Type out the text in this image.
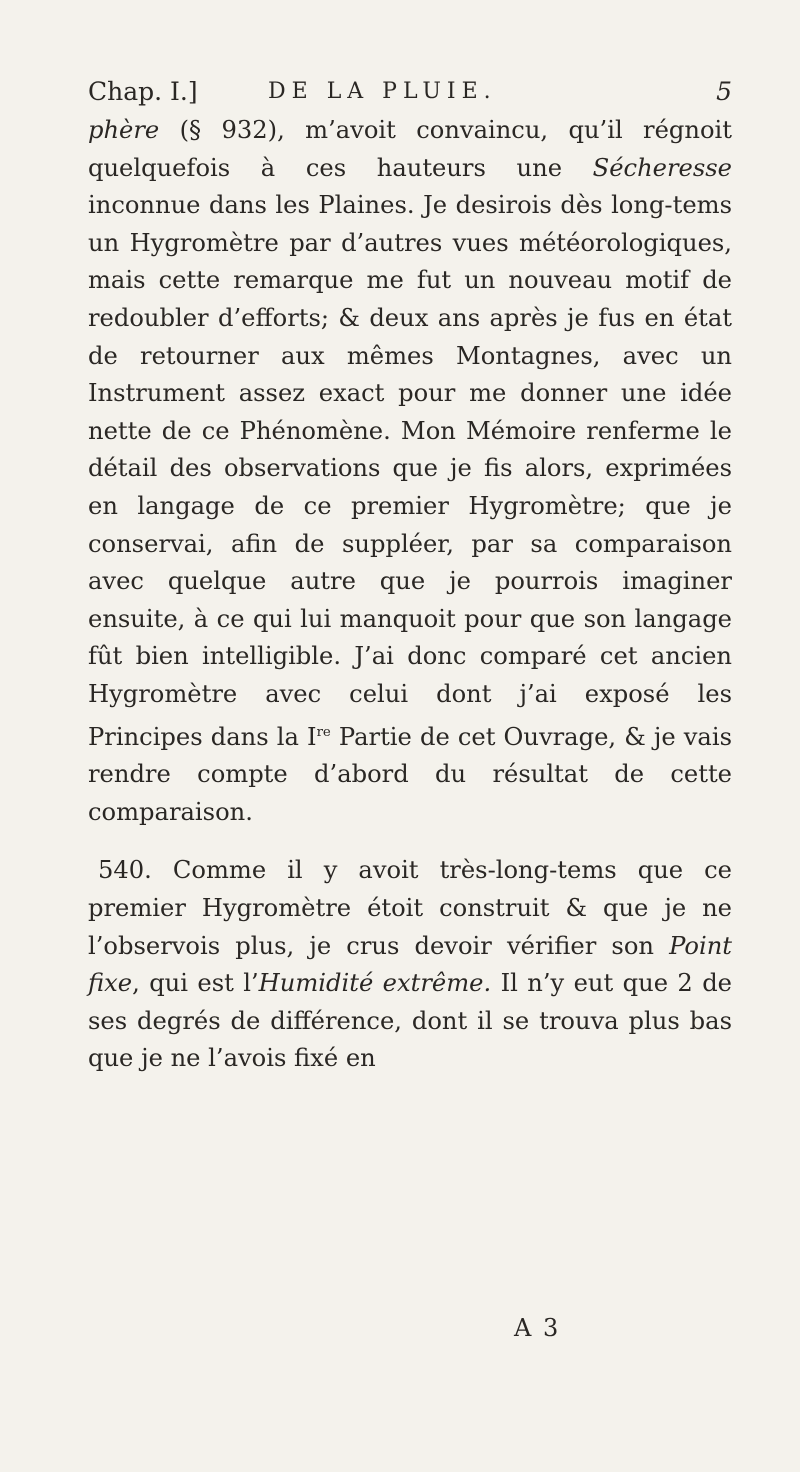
Chap. I.]	DE LA PLUIE.	5

phère (§ 932), m’avoit convaincu, qu’il régnoit quelquefois à ces hauteurs une Sécheresse inconnue dans les Plaines. Je desirois dès long-tems un Hygromètre par d’autres vues météorologiques, mais cette remarque me fut un nouveau motif de redoubler d’efforts; & deux ans après je fus en état de retourner aux mêmes Montagnes, avec un Instrument assez exact pour me donner une idée nette de ce Phénomène. Mon Mémoire renferme le détail des observations que je fis alors, exprimées en langage de ce premier Hygromètre; que je conservai, afin de suppléer, par sa comparaison avec quelque autre que je pourrois imaginer ensuite, à ce qui lui manquoit pour que son langage fût bien intelligible. J’ai donc comparé cet ancien Hygromètre avec celui dont j’ai exposé les Principes dans la Ire Partie de cet Ouvrage, & je vais rendre compte d’abord du résultat de cette comparaison.

540. Comme il y avoit très-long-tems que ce premier Hygromètre étoit construit & que je ne l’observois plus, je crus devoir vérifier son Point fixe, qui est l’Humidité extrême. Il n’y eut que 2 de ses degrés de différence, dont il se trouva plus bas que je ne l’avois fixé en

A 3
